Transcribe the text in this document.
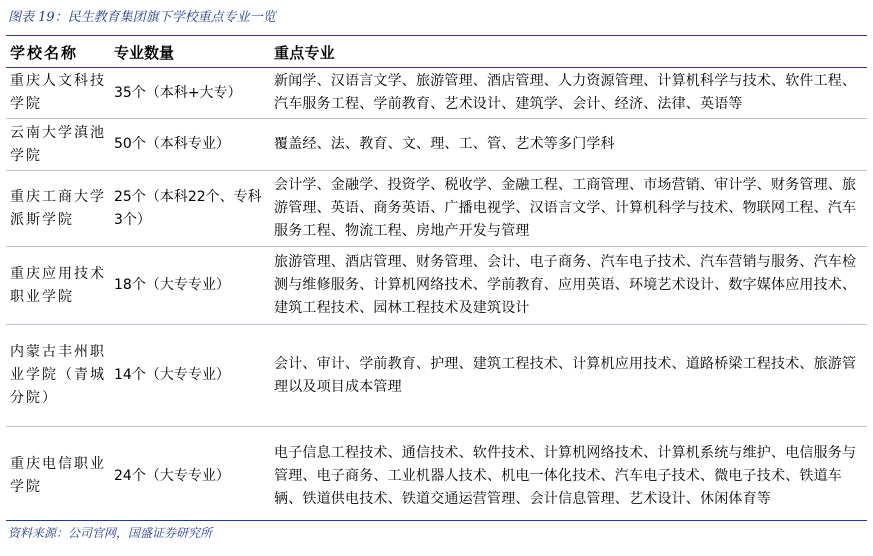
图表 19：民生教育集团旗下学校重点专业一览
学校名称	专业数量	重点专业
重庆人文科技学院	35个（本科+大专）	新闻学、汉语言文学、旅游管理、酒店管理、人力资源管理、计算机科学与技术、软件工程、汽车服务工程、学前教育、艺术设计、建筑学、会计、经济、法律、英语等
云南大学滇池学院	50个（本科专业）	覆盖经、法、教育、文、理、工、管、艺术等多门学科
重庆工商大学派斯学院	25个（本科22个、专科3个）	会计学、金融学、投资学、税收学、金融工程、工商管理、市场营销、审计学、财务管理、旅游管理、英语、商务英语、广播电视学、汉语言文学、计算机科学与技术、物联网工程、汽车服务工程、物流工程、房地产开发与管理
重庆应用技术职业学院	18个（大专专业）	旅游管理、酒店管理、财务管理、会计、电子商务、汽车电子技术、汽车营销与服务、汽车检测与维修服务、计算机网络技术、学前教育、应用英语、环境艺术设计、数字媒体应用技术、建筑工程技术、园林工程技术及建筑设计
内蒙古丰州职业学院（青城分院）	14个（大专专业）	会计、审计、学前教育、护理、建筑工程技术、计算机应用技术、道路桥梁工程技术、旅游管理以及项目成本管理
重庆电信职业学院	24个（大专专业）	电子信息工程技术、通信技术、软件技术、计算机网络技术、计算机系统与维护、电信服务与管理、电子商务、工业机器人技术、机电一体化技术、汽车电子技术、微电子技术、铁道车辆、铁道供电技术、铁道交通运营管理、会计信息管理、艺术设计、休闲体育等
资料来源：公司官网，国盛证券研究所
